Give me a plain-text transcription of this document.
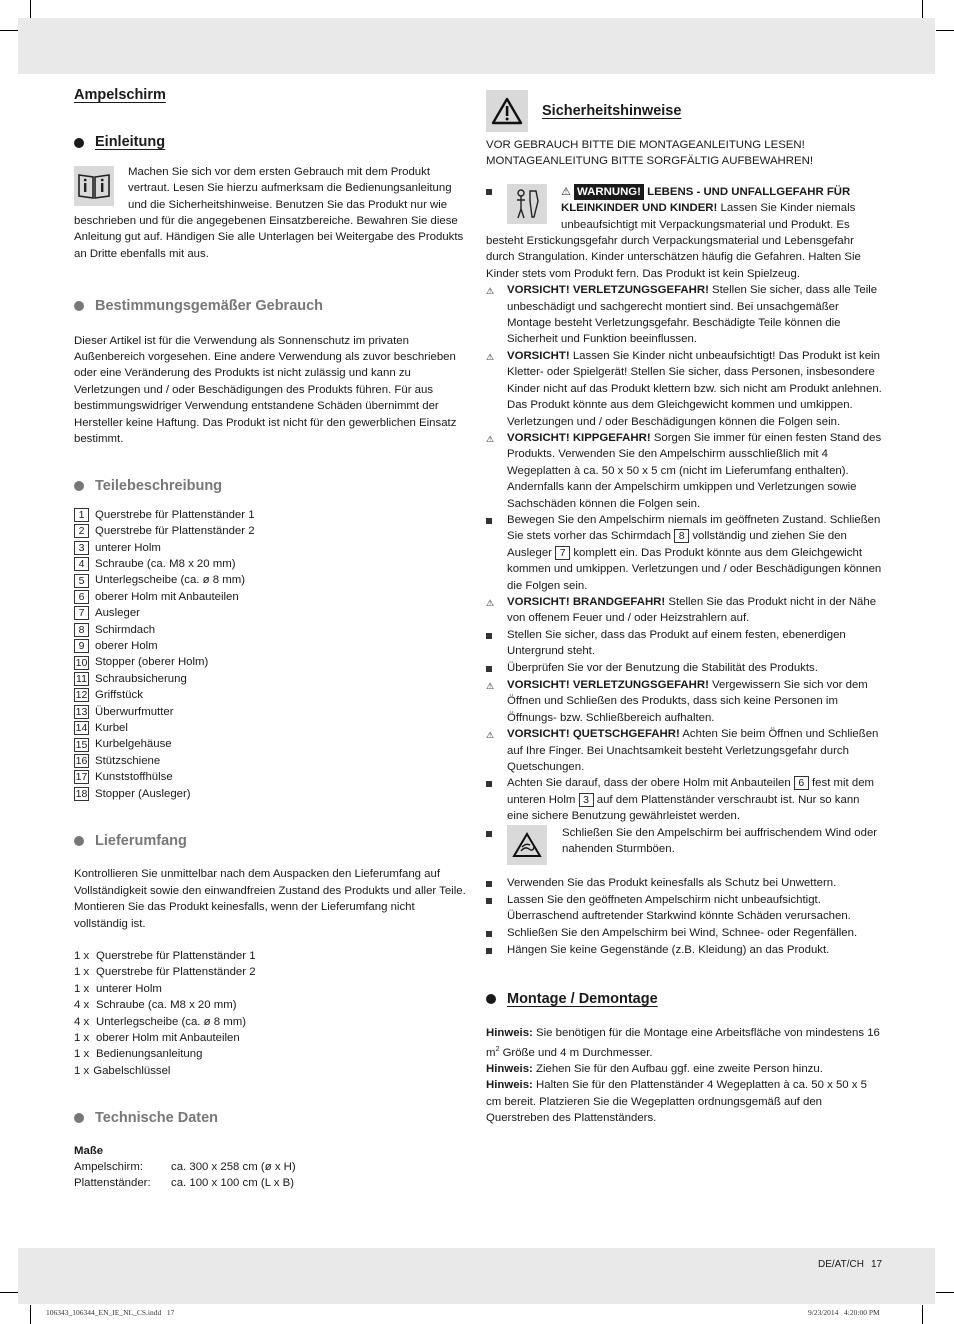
Ampelschirm
Einleitung

Machen Sie sich vor dem ersten Gebrauch mit dem Produkt vertraut. Lesen Sie hierzu aufmerksam die Bedienungsanleitung und die Sicherheitshinweise. Benutzen Sie das Produkt nur wie beschrieben und für die angegebenen Einsatzbereiche. Bewahren Sie diese Anleitung gut auf. Händigen Sie alle Unterlagen bei Weitergabe des Produkts an Dritte ebenfalls mit aus.

Bestimmungsgemäßer Gebrauch

Dieser Artikel ist für die Verwendung als Sonnenschutz im privaten Außenbereich vorgesehen. Eine andere Verwendung als zuvor beschrieben oder eine Veränderung des Produkts ist nicht zulässig und kann zu Verletzungen und / oder Beschädigungen des Produkts führen. Für aus bestimmungswidriger Verwendung entstandene Schäden übernimmt der Hersteller keine Haftung. Das Produkt ist nicht für den gewerblichen Einsatz bestimmt.

Teilebeschreibung
1 Querstrebe für Plattenständer 1
2 Querstrebe für Plattenständer 2
3 unterer Holm
4 Schraube (ca. M8 x 20 mm)
5 Unterlegscheibe (ca. ø 8 mm)
6 oberer Holm mit Anbauteilen
7 Ausleger
8 Schirmdach
9 oberer Holm
10 Stopper (oberer Holm)
11 Schraubsicherung
12 Griffstück
13 Überwurfmutter
14 Kurbel
15 Kurbelgehäuse
16 Stützschiene
17 Kunststoffhülse
18 Stopper (Ausleger)
Lieferumfang

Kontrollieren Sie unmittelbar nach dem Auspacken den Lieferumfang auf Vollständigkeit sowie den einwandfreien Zustand des Produkts und aller Teile. Montieren Sie das Produkt keinesfalls, wenn der Lieferumfang nicht vollständig ist.

1 x Querstrebe für Plattenständer 1
1 x Querstrebe für Plattenständer 2
1 x unterer Holm
4 x Schraube (ca. M8 x 20 mm)
4 x Unterlegscheibe (ca. ø 8 mm)
1 x oberer Holm mit Anbauteilen
1 x Bedienungsanleitung
1 x Gabelschlüssel
Technische Daten

Maße

Ampelschirm:	ca. 300 x 258 cm (ø x H)
Plattenständer:	ca. 100 x 100 cm (L x B)
Sicherheitshinweise

VOR GEBRAUCH BITTE DIE MONTAGEANLEITUNG LESEN!

MONTAGEANLEITUNG BITTE SORGFÄLTIG AUFBEWAHREN!

⚠ WARNUNG! LEBENS - UND UNFALLGEFAHR FÜR KLEINKINDER UND KINDER! Lassen Sie Kinder niemals unbeaufsichtigt mit Verpackungsmaterial und Produkt. Es besteht Erstickungsgefahr durch Verpackungsmaterial und Lebensgefahr durch Strangulation. Kinder unterschätzen häufig die Gefahren. Halten Sie Kinder stets vom Produkt fern. Das Produkt ist kein Spielzeug.

⚠	VORSICHT! VERLETZUNGSGEFAHR! Stellen Sie sicher, dass alle Teile unbeschädigt und sachgerecht montiert sind. Bei unsachgemäßer Montage besteht Verletzungsgefahr. Beschädigte Teile können die Sicherheit und Funktion beeinflussen.

⚠	VORSICHT! Lassen Sie Kinder nicht unbeaufsichtigt! Das Produkt ist kein Kletter- oder Spielgerät! Stellen Sie sicher, dass Personen, insbesondere Kinder nicht auf das Produkt klettern bzw. sich nicht am Produkt anlehnen. Das Produkt könnte aus dem Gleichgewicht kommen und umkippen. Verletzungen und / oder Beschädigungen können die Folgen sein.

⚠	VORSICHT! KIPPGEFAHR! Sorgen Sie immer für einen festen Stand des Produkts. Verwenden Sie den Ampelschirm ausschließlich mit 4 Wegeplatten à ca. 50 x 50 x 5 cm (nicht im Lieferumfang enthalten). Andernfalls kann der Ampelschirm umkippen und Verletzungen sowie Sachschäden können die Folgen sein.

Bewegen Sie den Ampelschirm niemals im geöffneten Zustand. Schließen Sie stets vorher das Schirmdach 8 vollständig und ziehen Sie den Ausleger 7 komplett ein. Das Produkt könnte aus dem Gleichgewicht kommen und umkippen. Verletzungen und / oder Beschädigungen können die Folgen sein.

⚠	VORSICHT! BRANDGEFAHR! Stellen Sie das Produkt nicht in der Nähe von offenem Feuer und / oder Heizstrahlern auf.

Stellen Sie sicher, dass das Produkt auf einem festen, ebenerdigen Untergrund steht.

Überprüfen Sie vor der Benutzung die Stabilität des Produkts.

⚠	VORSICHT! VERLETZUNGSGEFAHR! Vergewissern Sie sich vor dem Öffnen und Schließen des Produkts, dass sich keine Personen im Öffnungs- bzw. Schließbereich aufhalten.

⚠	VORSICHT! QUETSCHGEFAHR! Achten Sie beim Öffnen und Schließen auf Ihre Finger. Bei Unachtsamkeit besteht Verletzungsgefahr durch Quetschungen.

Achten Sie darauf, dass der obere Holm mit Anbauteilen 6 fest mit dem unteren Holm 3 auf dem Plattenständer verschraubt ist. Nur so kann eine sichere Benutzung gewährleistet werden.

Schließen Sie den Ampelschirm bei auffrischendem Wind oder nahenden Sturmböen.

Verwenden Sie das Produkt keinesfalls als Schutz bei Unwettern.

Lassen Sie den geöffneten Ampelschirm nicht unbeaufsichtigt. Überraschend auftretender Starkwind könnte Schäden verursachen.

Schließen Sie den Ampelschirm bei Wind, Schnee- oder Regenfällen.

Hängen Sie keine Gegenstände (z.B. Kleidung) an das Produkt.

Montage / Demontage

Hinweis: Sie benötigen für die Montage eine Arbeitsfläche von mindestens 16 $m^2$ Größe und 4 m Durchmesser.

Hinweis: Ziehen Sie für den Aufbau ggf. eine zweite Person hinzu.

Hinweis: Halten Sie für den Plattenständer 4 Wegeplatten à ca. 50 x 50 x 5 cm bereit. Platzieren Sie die Wegeplatten ordnungsgemäß auf den Querstreben des Plattenständers.

DE/AT/CH 17
106343_106344_EN_IE_NL_CS.indd   17	9/23/2014   4:20:00 PM
